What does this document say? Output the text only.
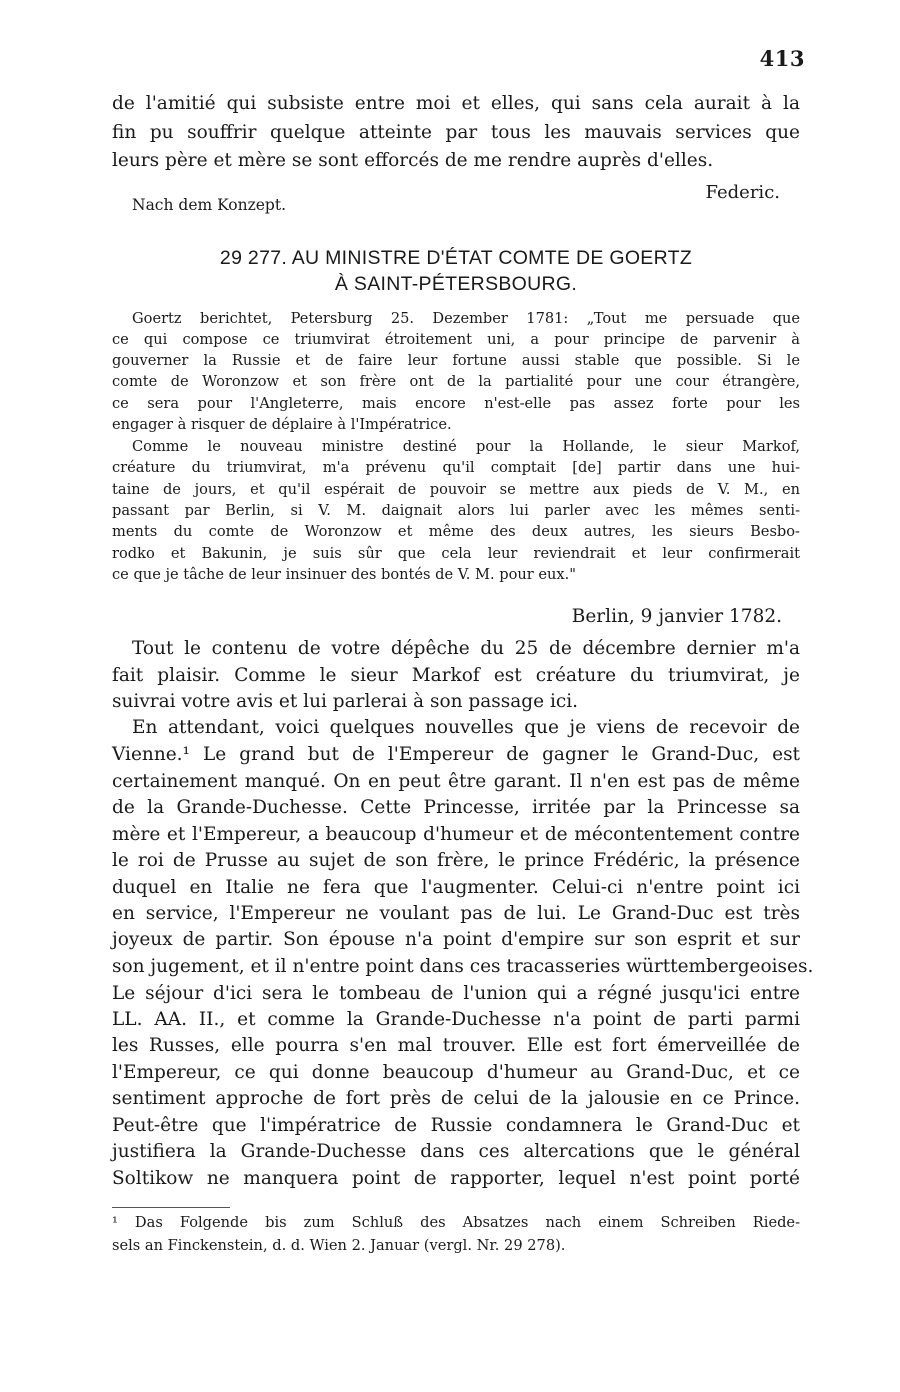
413
de l'amitié qui subsiste entre moi et elles, qui sans cela aurait à la
fin pu souffrir quelque atteinte par tous les mauvais services que
leurs père et mère se sont efforcés de me rendre auprès d'elles.
Nach dem Konzept.
Federic.
29 277. AU MINISTRE D'ÉTAT COMTE DE GOERTZ
À SAINT-PÉTERSBOURG.
Goertz berichtet, Petersburg 25. Dezember 1781: „Tout me persuade que
ce qui compose ce triumvirat étroitement uni, a pour principe de parvenir à
gouverner la Russie et de faire leur fortune aussi stable que possible. Si le
comte de Woronzow et son frère ont de la partialité pour une cour étrangère,
ce sera pour l'Angleterre, mais encore n'est-elle pas assez forte pour les
engager à risquer de déplaire à l'Impératrice.
Comme le nouveau ministre destiné pour la Hollande, le sieur Markof,
créature du triumvirat, m'a prévenu qu'il comptait [de] partir dans une hui-
taine de jours, et qu'il espérait de pouvoir se mettre aux pieds de V. M., en
passant par Berlin, si V. M. daignait alors lui parler avec les mêmes senti-
ments du comte de Woronzow et même des deux autres, les sieurs Besbo-
rodko et Bakunin, je suis sûr que cela leur reviendrait et leur confirmerait
ce que je tâche de leur insinuer des bontés de V. M. pour eux."
Berlin, 9 janvier 1782.
Tout le contenu de votre dépêche du 25 de décembre dernier m'a
fait plaisir. Comme le sieur Markof est créature du triumvirat, je
suivrai votre avis et lui parlerai à son passage ici.
En attendant, voici quelques nouvelles que je viens de recevoir de
Vienne.¹ Le grand but de l'Empereur de gagner le Grand-Duc, est
certainement manqué. On en peut être garant. Il n'en est pas de même
de la Grande-Duchesse. Cette Princesse, irritée par la Princesse sa
mère et l'Empereur, a beaucoup d'humeur et de mécontentement contre
le roi de Prusse au sujet de son frère, le prince Frédéric, la présence
duquel en Italie ne fera que l'augmenter. Celui-ci n'entre point ici
en service, l'Empereur ne voulant pas de lui. Le Grand-Duc est très
joyeux de partir. Son épouse n'a point d'empire sur son esprit et sur
son jugement, et il n'entre point dans ces tracasseries württembergeoises.
Le séjour d'ici sera le tombeau de l'union qui a régné jusqu'ici entre
LL. AA. II., et comme la Grande-Duchesse n'a point de parti parmi
les Russes, elle pourra s'en mal trouver. Elle est fort émerveillée de
l'Empereur, ce qui donne beaucoup d'humeur au Grand-Duc, et ce
sentiment approche de fort près de celui de la jalousie en ce Prince.
Peut-être que l'impératrice de Russie condamnera le Grand-Duc et
justifiera la Grande-Duchesse dans ces altercations que le général
Soltikow ne manquera point de rapporter, lequel n'est point porté
¹ Das Folgende bis zum Schluß des Absatzes nach einem Schreiben Riede-
sels an Finckenstein, d. d. Wien 2. Januar (vergl. Nr. 29 278).
